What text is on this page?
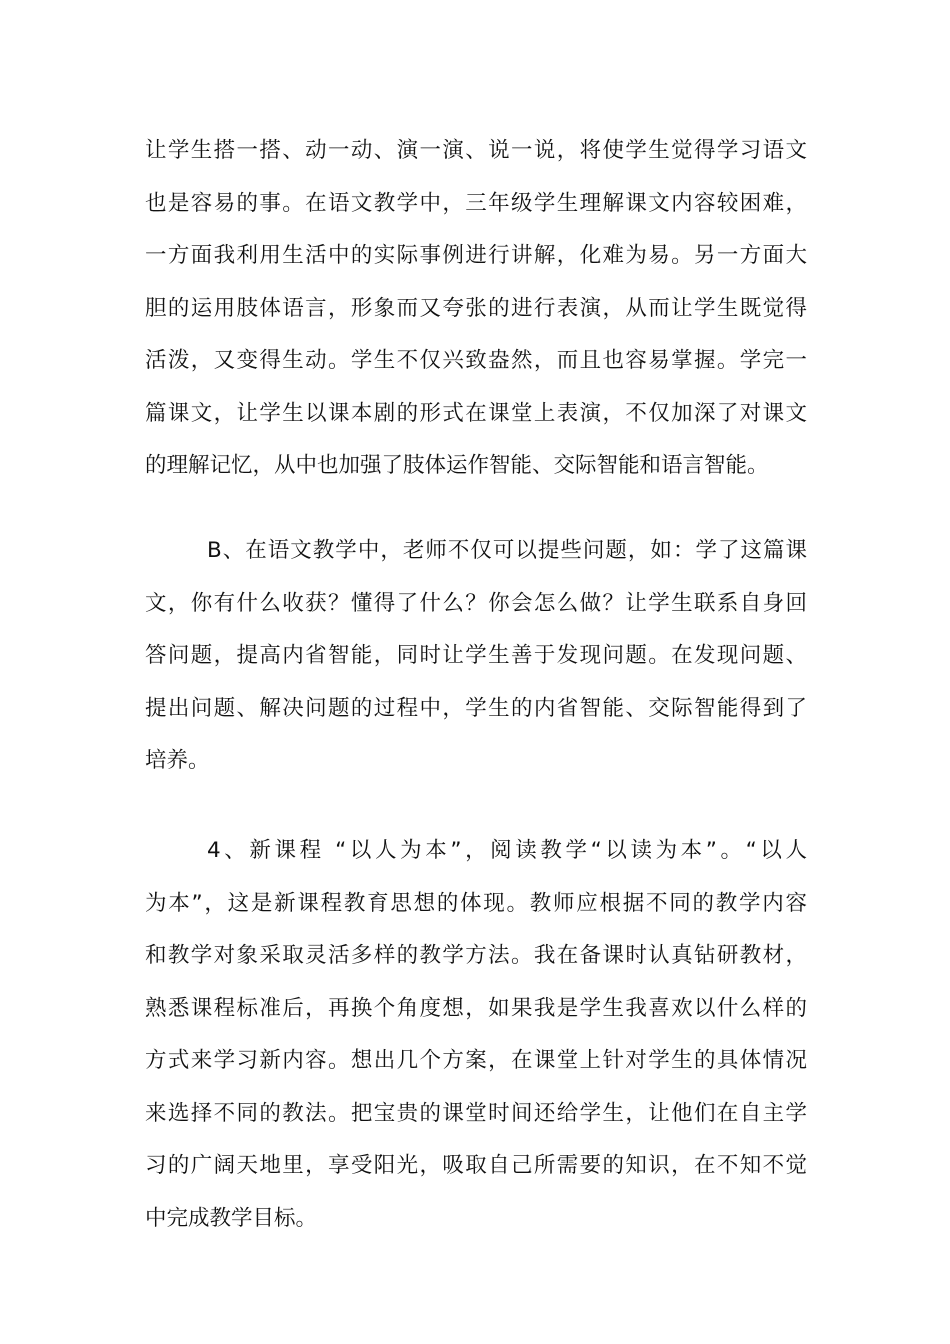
让学生搭一搭、动一动、演一演、说一说，将使学生觉得学习语文
也是容易的事。在语文教学中，三年级学生理解课文内容较困难，
一方面我利用生活中的实际事例进行讲解，化难为易。另一方面大
胆的运用肢体语言，形象而又夸张的进行表演，从而让学生既觉得
活泼，又变得生动。学生不仅兴致盎然，而且也容易掌握。学完一
篇课文，让学生以课本剧的形式在课堂上表演，不仅加深了对课文
的理解记忆，从中也加强了肢体运作智能、交际智能和语言智能。
B、在语文教学中，老师不仅可以提些问题，如：学了这篇课
文，你有什么收获？懂得了什么？你会怎么做？让学生联系自身回
答问题，提高内省智能，同时让学生善于发现问题。在发现问题、
提出问题、解决问题的过程中，学生的内省智能、交际智能得到了
培养。
4、新课程 “以人为本”，阅读教学“以读为本”。“以人
为本”，这是新课程教育思想的体现。教师应根据不同的教学内容
和教学对象采取灵活多样的教学方法。我在备课时认真钻研教材，
熟悉课程标准后，再换个角度想，如果我是学生我喜欢以什么样的
方式来学习新内容。想出几个方案，在课堂上针对学生的具体情况
来选择不同的教法。把宝贵的课堂时间还给学生，让他们在自主学
习的广阔天地里，享受阳光，吸取自己所需要的知识，在不知不觉
中完成教学目标。
